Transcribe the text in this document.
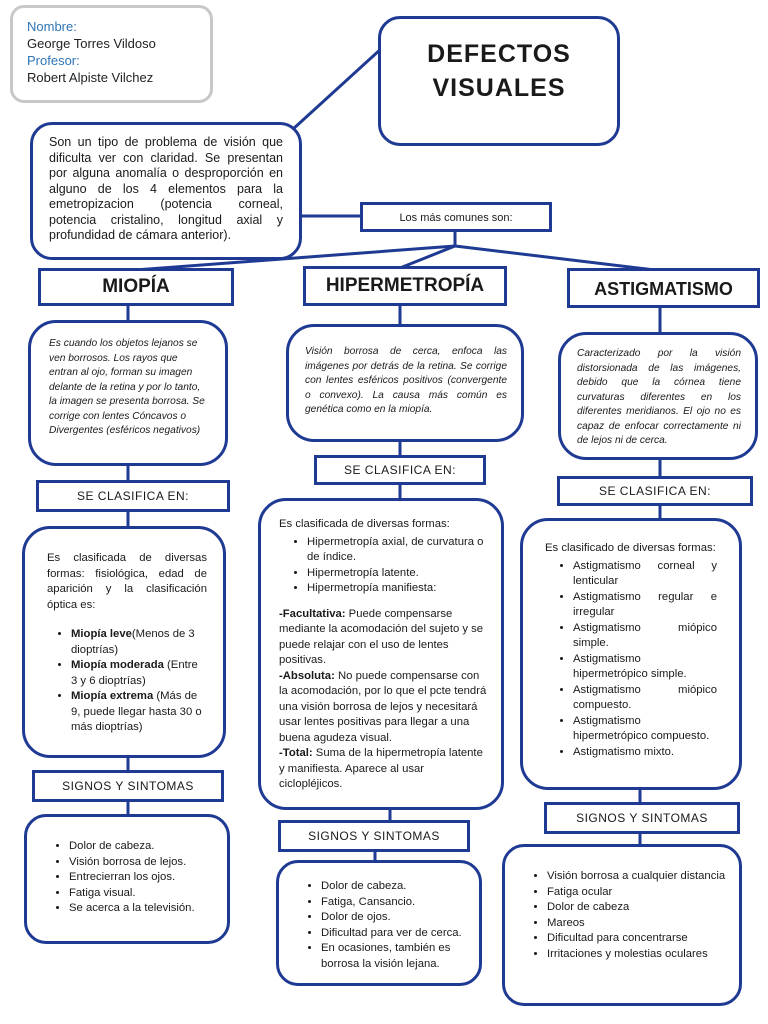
Nombre:
George Torres Vildoso
Profesor:
Robert Alpiste Vilchez
DEFECTOS
VISUALES
Son un tipo de problema de visión que dificulta ver con claridad. Se presentan por alguna anomalía o desproporción en alguno de los 4 elementos para la emetropizacion (potencia corneal, potencia cristalino, longitud axial y profundidad de cámara anterior).
Los más comunes son:
MIOPÍA
Es cuando los objetos lejanos se ven borrosos. Los rayos que entran al ojo, forman su imagen delante de la retina y por lo tanto, la imagen se presenta borrosa. Se corrige con lentes Cóncavos o Divergentes (esféricos negativos)
SE CLASIFICA EN:

Es clasificada de diversas formas: fisiológica, edad de aparición y la clasificación óptica es:

• Miopía leve(Menos de 3 dioptrías)
• Miopía moderada (Entre 3 y 6 dioptrías)
• Miopía extrema (Más de 9, puede llegar hasta 30 o más dioptrías)
SIGNOS Y SINTOMAS
• Dolor de cabeza.
• Visión borrosa de lejos.
• Entrecierran los ojos.
• Fatiga visual.
• Se acerca a la televisión.
HIPERMETROPÍA
Visión borrosa de cerca, enfoca las imágenes por detrás de la retina. Se corrige con lentes esféricos positivos (convergente o convexo). La causa más común es genética como en la miopía.
SE CLASIFICA EN:

Es clasificada de diversas formas:

• Hipermetropía axial, de curvatura o de índice.
• Hipermetropía latente.
• Hipermetropía manifiesta:

-Facultativa: Puede compensarse mediante la acomodación del sujeto y se puede relajar con el uso de lentes positivas.

-Absoluta: No puede compensarse con la acomodación, por lo que el pcte tendrá una visión borrosa de lejos y necesitará usar lentes positivas para llegar a una buena agudeza visual.

-Total: Suma de la hipermetropía latente y manifiesta. Aparece al usar ciclopléjicos.

SIGNOS Y SINTOMAS
• Dolor de cabeza.
• Fatiga, Cansancio.
• Dolor de ojos.
• Dificultad para ver de cerca.
• En ocasiones, también es borrosa la visión lejana.
ASTIGMATISMO
Caracterizado por la visión distorsionada de las imágenes, debido que la córnea tiene curvaturas diferentes en los diferentes meridianos. El ojo no es capaz de enfocar correctamente ni de lejos ni de cerca.
SE CLASIFICA EN:

Es clasificado de diversas formas:

• Astigmatismo corneal y lenticular
• Astigmatismo regular e irregular
• Astigmatismo miópico simple.
• Astigmatismo hipermetrópico simple.
• Astigmatismo miópico compuesto.
• Astigmatismo hipermetrópico compuesto.
• Astigmatismo mixto.
SIGNOS Y SINTOMAS
• Visión borrosa a cualquier distancia
• Fatiga ocular
• Dolor de cabeza
• Mareos
• Dificultad para concentrarse
• Irritaciones y molestias oculares
